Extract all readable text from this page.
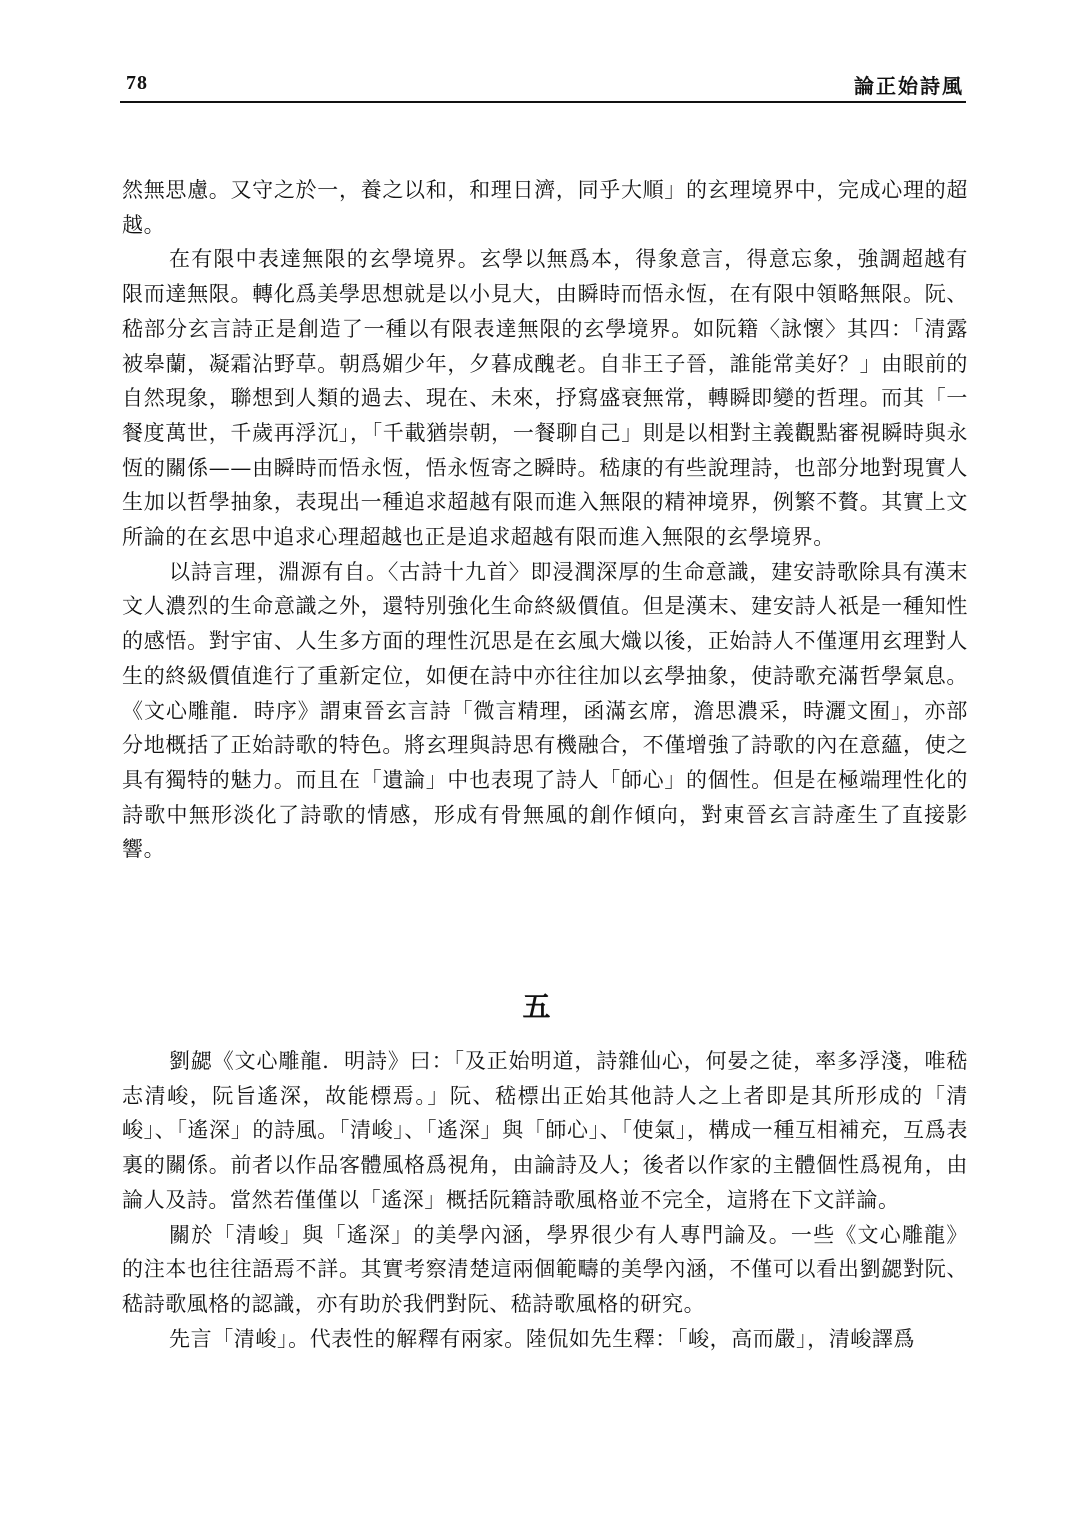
78	論正始詩風

然無思慮。又守之於一，養之以和，和理日濟，同乎大順」的玄理境界中，完成心理的超越。

在有限中表達無限的玄學境界。玄學以無爲本，得象意言，得意忘象，強調超越有限而達無限。轉化爲美學思想就是以小見大，由瞬時而悟永恆，在有限中領略無限。阮、嵇部分玄言詩正是創造了一種以有限表達無限的玄學境界。如阮籍〈詠懷〉其四：「清露被皋蘭，凝霜沾野草。朝爲媚少年，夕暮成醜老。自非王子晉，誰能常美好？」由眼前的自然現象，聯想到人類的過去、現在、未來，抒寫盛衰無常，轉瞬即變的哲理。而其「一餐度萬世，千歲再浮沉」，「千載猶崇朝，一餐聊自己」則是以相對主義觀點審視瞬時與永恆的關係——由瞬時而悟永恆，悟永恆寄之瞬時。嵇康的有些說理詩，也部分地對現實人生加以哲學抽象，表現出一種追求超越有限而進入無限的精神境界，例繁不贅。其實上文所論的在玄思中追求心理超越也正是追求超越有限而進入無限的玄學境界。

以詩言理，淵源有自。〈古詩十九首〉即浸潤深厚的生命意識，建安詩歌除具有漢末文人濃烈的生命意識之外，還特別強化生命終級價值。但是漢末、建安詩人祇是一種知性的感悟。對宇宙、人生多方面的理性沉思是在玄風大熾以後，正始詩人不僅運用玄理對人生的終級價值進行了重新定位，如便在詩中亦往往加以玄學抽象，使詩歌充滿哲學氣息。《文心雕龍．時序》謂東晉玄言詩「微言精理，函滿玄席，澹思濃采，時灑文囿」，亦部分地概括了正始詩歌的特色。將玄理與詩思有機融合，不僅增強了詩歌的內在意蘊，使之具有獨特的魅力。而且在「遺論」中也表現了詩人「師心」的個性。但是在極端理性化的詩歌中無形淡化了詩歌的情感，形成有骨無風的創作傾向，對東晉玄言詩產生了直接影響。

五

劉勰《文心雕龍．明詩》曰：「及正始明道，詩雜仙心，何晏之徒，率多浮淺，唯嵇志清峻，阮旨遙深，故能標焉。」阮、嵇標出正始其他詩人之上者即是其所形成的「清峻」、「遙深」的詩風。「清峻」、「遙深」與「師心」、「使氣」，構成一種互相補充，互爲表裏的關係。前者以作品客體風格爲視角，由論詩及人；後者以作家的主體個性爲視角，由論人及詩。當然若僅僅以「遙深」概括阮籍詩歌風格並不完全，這將在下文詳論。

關於「清峻」與「遙深」的美學內涵，學界很少有人專門論及。一些《文心雕龍》的注本也往往語焉不詳。其實考察清楚這兩個範疇的美學內涵，不僅可以看出劉勰對阮、嵇詩歌風格的認識，亦有助於我們對阮、嵇詩歌風格的研究。

先言「清峻」。代表性的解釋有兩家。陸侃如先生釋：「峻，高而嚴」，清峻譯爲
